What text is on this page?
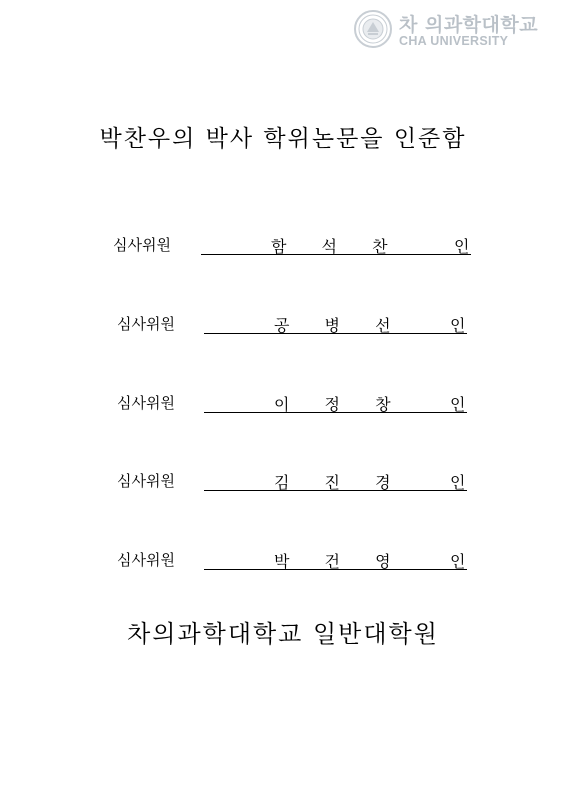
차 의과학대학교
CHA UNIVERSITY
박찬우의 박사 학위논문을 인준함
심사위원	함 석 찬	인
심사위원	공 병 선	인
심사위원	이 정 창	인
심사위원	김 진 경	인
심사위원	박 건 영	인
차의과학대학교 일반대학원
